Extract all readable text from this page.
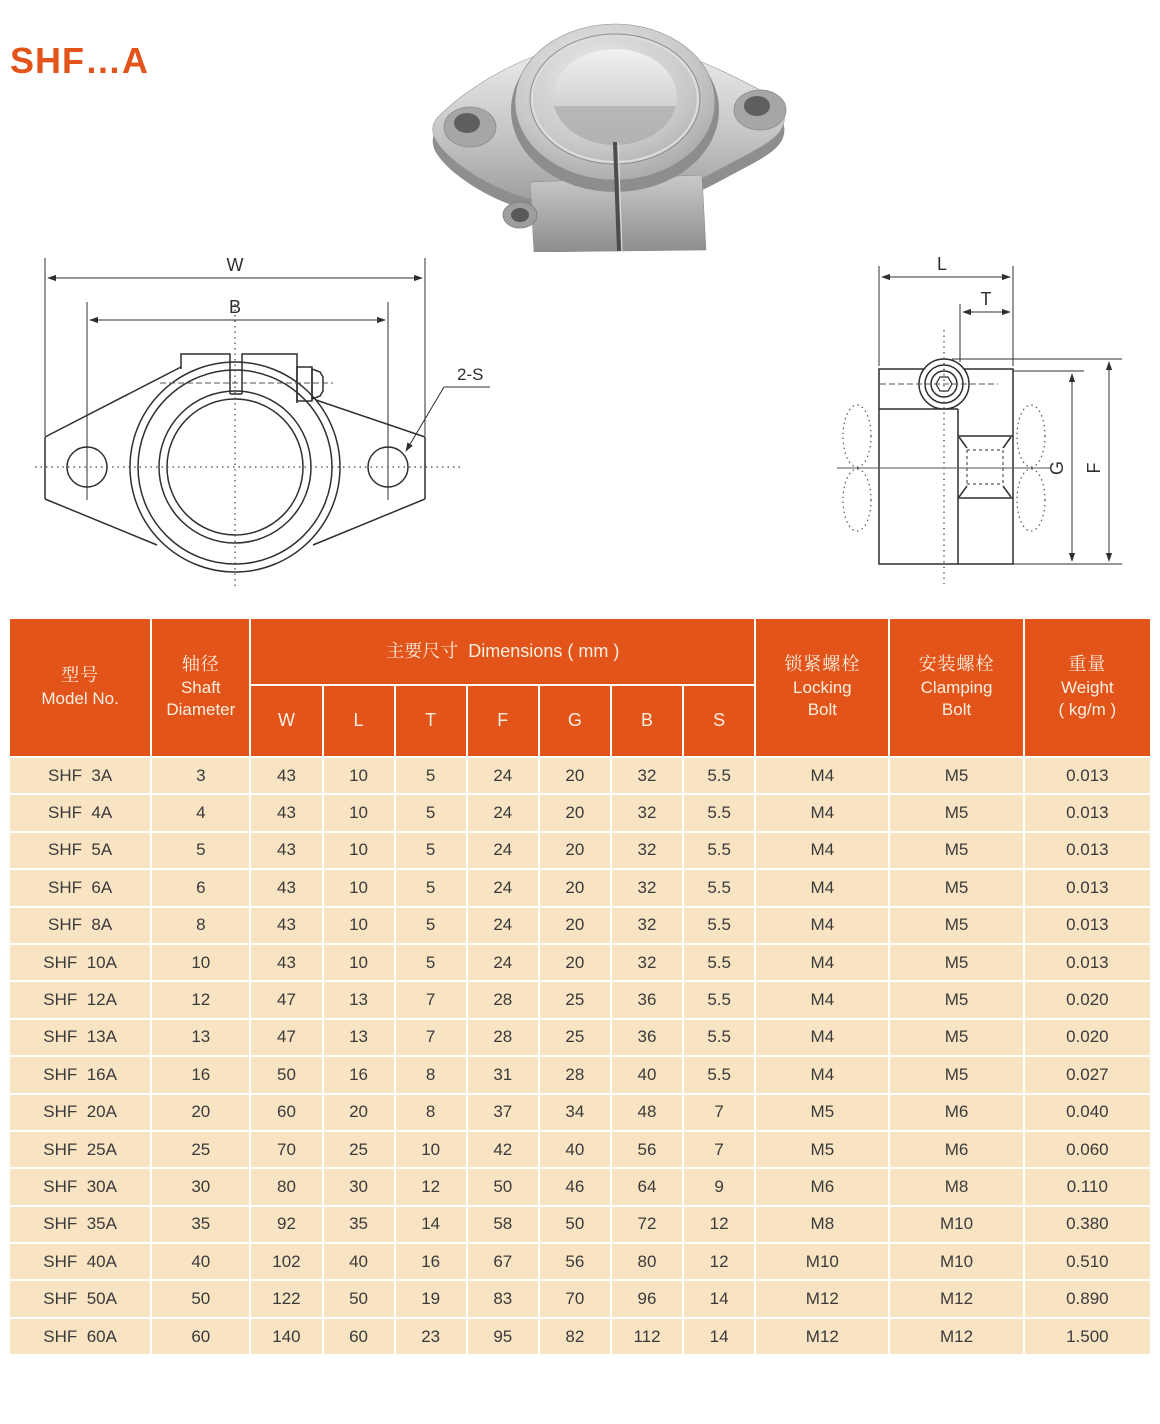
SHF…A
W
B
2-S
L
T
G F
型号
Model No.

轴径
Shaft
Diameter
	主要尺寸  Dimensions ( mm )	
锁紧螺栓
Locking
Bolt

安装螺栓
Clamping
Bolt

重量
Weight
( kg/m )

		W	L	T	F	G	B	S			
SHF  3A	3	43	10	5	24	20	32	5.5	M4	M5	0.013
SHF  4A	4	43	10	5	24	20	32	5.5	M4	M5	0.013
SHF  5A	5	43	10	5	24	20	32	5.5	M4	M5	0.013
SHF  6A	6	43	10	5	24	20	32	5.5	M4	M5	0.013
SHF  8A	8	43	10	5	24	20	32	5.5	M4	M5	0.013
SHF  10A	10	43	10	5	24	20	32	5.5	M4	M5	0.013
SHF  12A	12	47	13	7	28	25	36	5.5	M4	M5	0.020
SHF  13A	13	47	13	7	28	25	36	5.5	M4	M5	0.020
SHF  16A	16	50	16	8	31	28	40	5.5	M4	M5	0.027
SHF  20A	20	60	20	8	37	34	48	7	M5	M6	0.040
SHF  25A	25	70	25	10	42	40	56	7	M5	M6	0.060
SHF  30A	30	80	30	12	50	46	64	9	M6	M8	0.110
SHF  35A	35	92	35	14	58	50	72	12	M8	M10	0.380
SHF  40A	40	102	40	16	67	56	80	12	M10	M10	0.510
SHF  50A	50	122	50	19	83	70	96	14	M12	M12	0.890
SHF  60A	60	140	60	23	95	82	112	14	M12	M12	1.500
